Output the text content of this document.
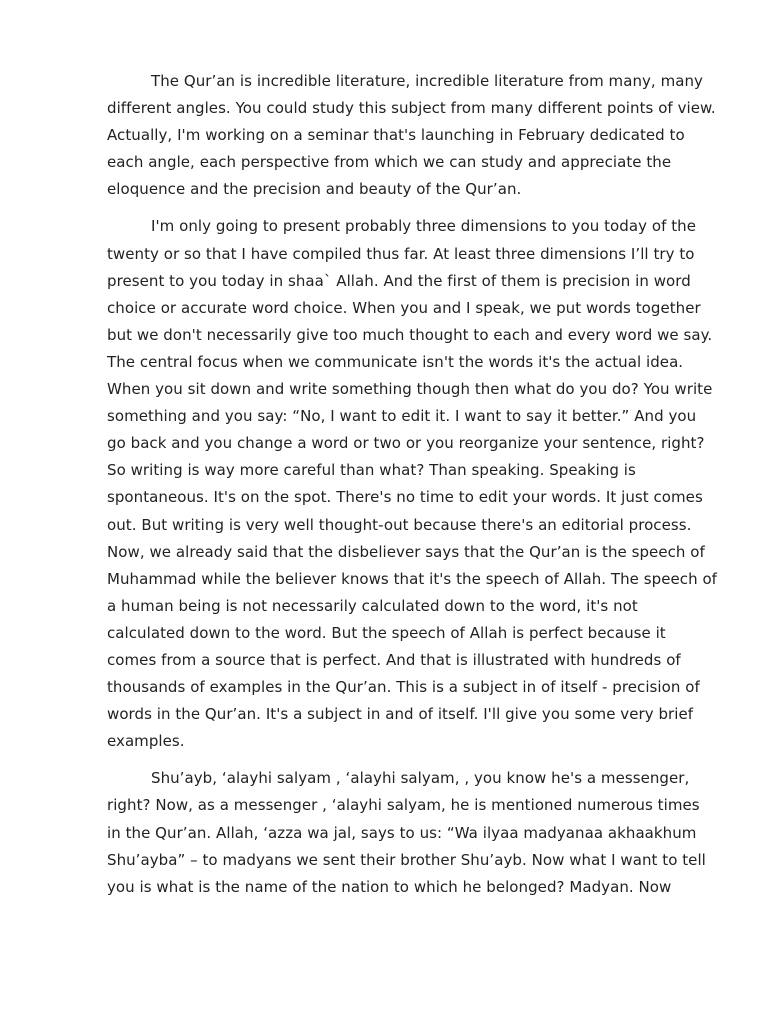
The Qur’an is incredible literature, incredible literature from many, many different angles. You could study this subject from many different points of view. Actually, I'm working on a seminar that's launching in February dedicated to each angle, each perspective from which we can study and appreciate the eloquence and the precision and beauty of the Qur’an.

I'm only going to present probably three dimensions to you today of the twenty or so that I have compiled thus far. At least three dimensions I’ll try to present to you today in shaa` Allah. And the first of them is precision in word choice or accurate word choice. When you and I speak, we put words together but we don't necessarily give too much thought to each and every word we say. The central focus when we communicate isn't the words it's the actual idea. When you sit down and write something though then what do you do? You write something and you say: “No, I want to edit it. I want to say it better.” And you go back and you change a word or two or you reorganize your sentence, right? So writing is way more careful than what? Than speaking. Speaking is spontaneous. It's on the spot. There's no time to edit your words. It just comes out. But writing is very well thought-out because there's an editorial process. Now, we already said that the disbeliever says that the Qur’an is the speech of Muhammad while the believer knows that it's the speech of Allah. The speech of a human being is not necessarily calculated down to the word, it's not calculated down to the word. But the speech of Allah is perfect because it comes from a source that is perfect. And that is illustrated with hundreds of thousands of examples in the Qur’an. This is a subject in of itself - precision of words in the Qur’an. It's a subject in and of itself. I'll give you some very brief examples.

Shu’ayb, ‘alayhi salyam , ‘alayhi salyam, , you know he's a messenger, right? Now, as a messenger , ‘alayhi salyam, he is mentioned numerous times in the Qur’an. Allah, ‘azza wa jal, says to us: “Wa ilyaa madyanaa akhaakhum Shu’ayba” – to madyans we sent their brother Shu’ayb. Now what I want to tell you is what is the name of the nation to which he belonged? Madyan. Now
